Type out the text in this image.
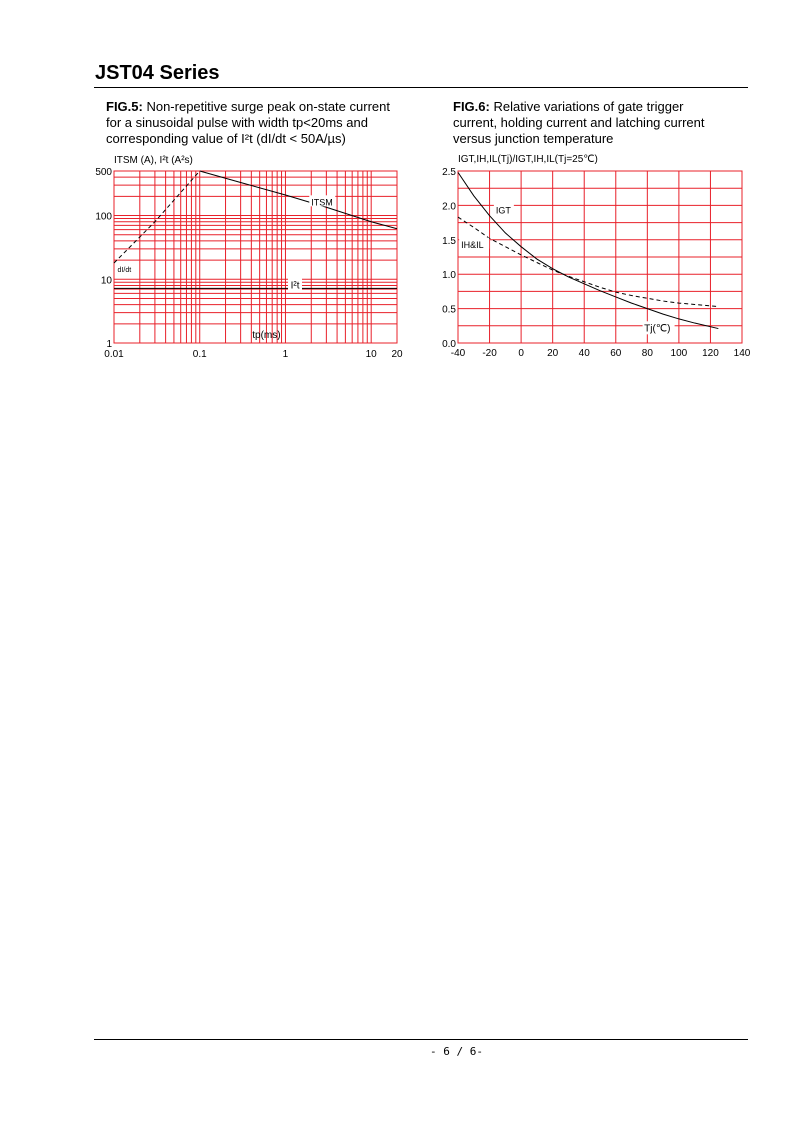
JST04 Series
FIG.5: Non-repetitive surge peak on-state current
for a sinusoidal pulse with width tp<20ms and
corresponding value of I²t (dI/dt < 50A/µs)
FIG.6: Relative variations of gate trigger
current, holding current and latching current
versus junction temperature
ITSM (A), I²t (A²s)
1
10
100
500
0.01	0.1	1	10 20
tp(ms)
ITSM
I²t
dI/dt
IGT,IH,IL(Tj)/IGT,IH,IL(Tj=25℃)
0.0
0.5
1.0
1.5
2.0
2.5
-40 -20 0 20 40 60 80 100 120 140
Tj(℃)
IGT
IH&IL
- 6 / 6-
